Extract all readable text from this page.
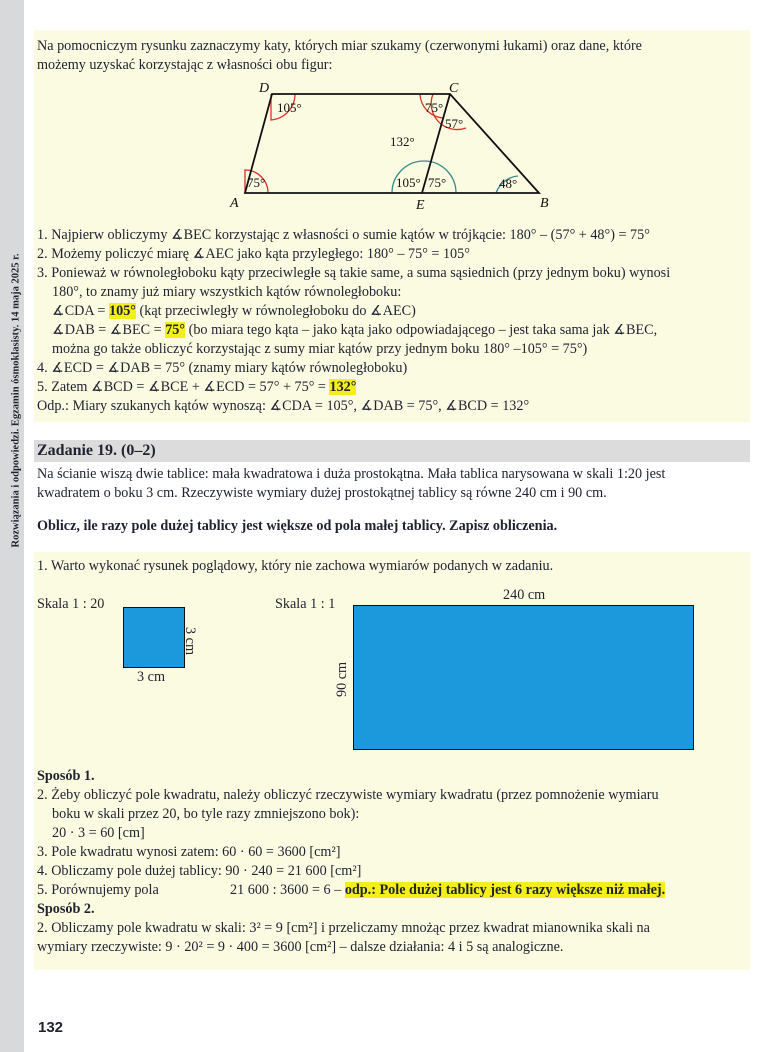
Rozwiązania i odpowiedzi. Egzamin ósmoklasisty. 14 maja 2025 r.
Na pomocniczym rysunku zaznaczymy katy, których miar szukamy (czerwonymi łukami) oraz dane, które
możemy uzyskać korzystając z własności obu figur:
D	C
A	E	B
105°	75°
57°
132°
75°	105° 75°	48°
1. Najpierw obliczymy ∡BEC korzystając z własności o sumie kątów w trójkącie: 180° – (57° + 48°) = 75°
2. Możemy policzyć miarę ∡AEC jako kąta przyległego: 180° – 75° = 105°
3. Ponieważ w równoległoboku kąty przeciwległe są takie same, a suma sąsiednich (przy jednym boku) wynosi
180°, to znamy już miary wszystkich kątów równoległoboku:
∡CDA = 105° (kąt przeciwległy w równoległoboku do ∡AEC)
∡DAB = ∡BEC = 75° (bo miara tego kąta – jako kąta jako odpowiadającego – jest taka sama jak ∡BEC,
można go także obliczyć korzystając z sumy miar kątów przy jednym boku 180° –105° = 75°)
4. ∡ECD = ∡DAB = 75° (znamy miary kątów równoległoboku)
5. Zatem ∡BCD = ∡BCE + ∡ECD = 57° + 75° = 132°
Odp.: Miary szukanych kątów wynoszą: ∡CDA = 105°, ∡DAB = 75°, ∡BCD = 132°
Zadanie 19. (0–2)
Na ścianie wiszą dwie tablice: mała kwadratowa i duża prostokątna. Mała tablica narysowana w skali 1:20 jest
kwadratem o boku 3 cm. Rzeczywiste wymiary dużej prostokątnej tablicy są równe 240 cm i 90 cm.
Oblicz, ile razy pole dużej tablicy jest większe od pola małej tablicy. Zapisz obliczenia.
1. Warto wykonać rysunek poglądowy, który nie zachowa wymiarów podanych w zadaniu.
Skala 1 : 20	Skala 1 : 1
3 cm
3 cm
240 cm
90 cm
Sposób 1.
2. Żeby obliczyć pole kwadratu, należy obliczyć rzeczywiste wymiary kwadratu (przez pomnożenie wymiaru
boku w skali przez 20, bo tyle razy zmniejszono bok):
20 · 3 = 60 [cm]
3. Pole kwadratu wynosi zatem: 60 · 60 = 3600 [cm²]
4. Obliczamy pole dużej tablicy: 90 · 240 = 21 600 [cm²]
5. Porównujemy pola	21 600 : 3600 = 6 – odp.: Pole dużej tablicy jest 6 razy większe niż małej.
Sposób 2.
2. Obliczamy pole kwadratu w skali: 3² = 9 [cm²] i przeliczamy mnożąc przez kwadrat mianownika skali na
wymiary rzeczywiste: 9 · 20² = 9 · 400 = 3600 [cm²] – dalsze działania: 4 i 5 są analogiczne.
132
